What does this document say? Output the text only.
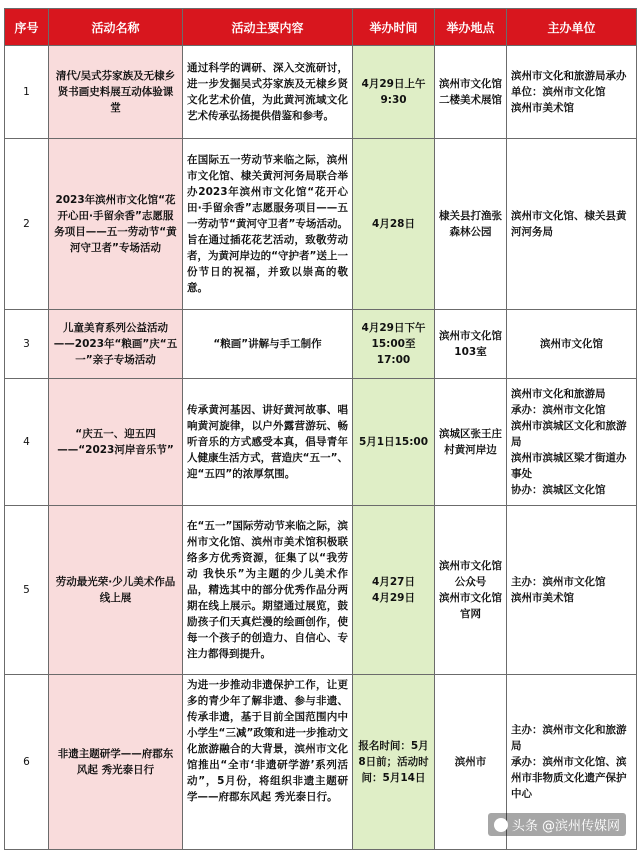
序号	活动名称	活动主要内容	举办时间	举办地点	主办单位
1	清代/吴式芬家族及无棣乡贤书画史料展互动体验课堂	通过科学的调研、深入交流研讨，进一步发掘吴式芬家族及无棣乡贤文化艺术价值，为此黄河流域文化艺术传承弘扬提供借鉴和参考。	4月29日上午9:30	滨州市文化馆二楼美术展馆	滨州市文化和旅游局承办单位：滨州市文化馆
滨州市美术馆
2	2023年滨州市文化馆“花开心田·手留余香”志愿服务项目——五一劳动节“黄河守卫者”专场活动	在国际五一劳动节来临之际，滨州市文化馆、棣关黄河河务局联合举办2023年滨州市文化馆“花开心田·手留余香”志愿服务项目——五一劳动节“黄河守卫者”专场活动。旨在通过插花花艺活动，致敬劳动者，为黄河岸边的“守护者”送上一份节日的祝福，并致以崇高的敬意。	4月28日	棣关县打渔张森林公园	滨州市文化馆、棣关县黄河河务局
3	儿童美育系列公益活动——2023年“粮画”庆“五一”亲子专场活动	“粮画”讲解与手工制作	4月29日下午15:00至17:00	滨州市文化馆103室	滨州市文化馆
4	“庆五一、迎五四——“2023河岸音乐节”	传承黄河基因、讲好黄河故事、唱响黄河旋律，以户外露营游玩、畅听音乐的方式感受本真，倡导青年人健康生活方式，营造庆“五一”、迎“五四”的浓厚氛围。	5月1日15:00	滨城区张王庄村黄河岸边	滨州市文化和旅游局
承办：滨州市文化馆
滨州市滨城区文化和旅游局
滨州市滨城区梁才街道办事处
协办：滨城区文化馆
5	劳动最光荣·少儿美术作品线上展	在“五一”国际劳动节来临之际，滨州市文化馆、滨州市美术馆积极联络多方优秀资源，征集了以“我劳动 我快乐”为主题的少儿美术作品，精选其中的部分优秀作品分两期在线上展示。期望通过展览，鼓励孩子们天真烂漫的绘画创作，使每一个孩子的创造力、自信心、专注力都得到提升。	4月27日
4月29日	滨州市文化馆公众号
滨州市文化馆官网	主办：滨州市文化馆
滨州市美术馆
6	非遗主题研学——府郡东风起 秀光泰日行	为进一步推动非遗保护工作，让更多的青少年了解非遗、参与非遗、传承非遗，基于目前全国范围内中小学生“三减”政策和进一步推动文化旅游融合的大背景，滨州市文化馆推出“全市‘非遗研学游’系列活动”，5月份，将组织非遗主题研学——府郡东风起 秀光泰日行。	报名时间：5月8日前；活动时间：5月14日	滨州市	主办：滨州市文化和旅游局
承办：滨州市文化馆、滨州市非物质文化遗产保护中心
头条 @滨州传媒网
